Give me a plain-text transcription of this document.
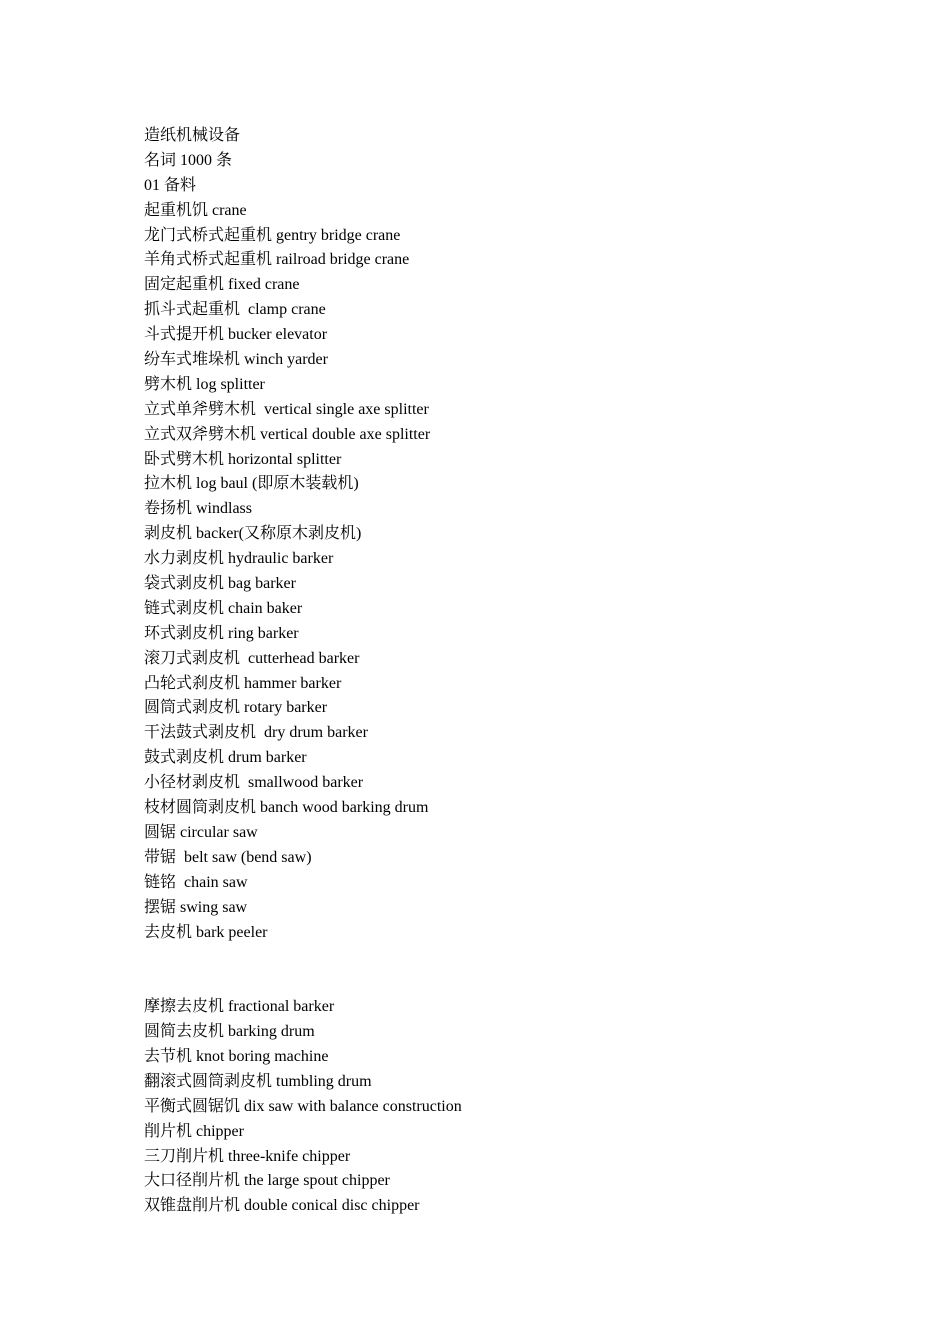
造纸机械设备
名词 1000 条
01 备料
起重机饥 crane
龙门式桥式起重机 gentry bridge crane
羊角式桥式起重机 railroad bridge crane
固定起重机 fixed crane
抓斗式起重机  clamp crane
斗式提开机 bucker elevator
纷车式堆垛机 winch yarder
劈木机 log splitter
立式单斧劈木机  vertical single axe splitter
立式双斧劈木机 vertical double axe splitter
卧式劈木机 horizontal splitter
拉木机 log baul (即原木装载机)
卷扬机 windlass
剥皮机 backer(又称原木剥皮机)
水力剥皮机 hydraulic barker
袋式剥皮机 bag barker
链式剥皮机 chain baker
环式剥皮机 ring barker
滚刀式剥皮机  cutterhead barker
凸轮式刹皮机 hammer barker
圆筒式剥皮机 rotary barker
干法鼓式剥皮机  dry drum barker
鼓式剥皮机 drum barker
小径材剥皮机  smallwood barker
枝材圆筒剥皮机 banch wood barking drum
圆锯 circular saw
带锯  belt saw (bend saw)
链铭  chain saw
摆锯 swing saw
去皮机 bark peeler
摩擦去皮机 fractional barker
圆简去皮机 barking drum
去节机 knot boring machine
翻滚式圆筒剥皮机 tumbling drum
平衡式圆锯饥 dix saw with balance construction
削片机 chipper
三刀削片机 three-knife chipper
大口径削片机 the large spout chipper
双锥盘削片机 double conical disc chipper
